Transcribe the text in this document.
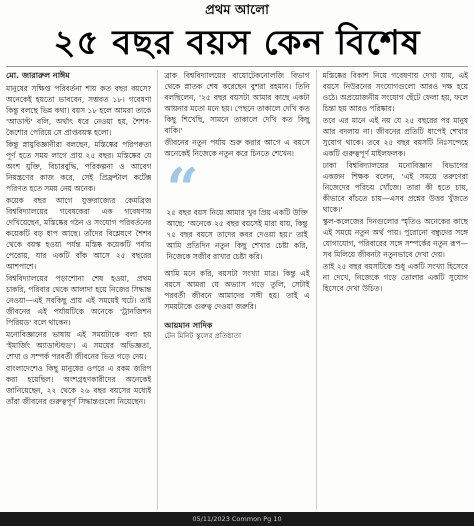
প্রথম আলো
২৫ বছর বয়স কেন বিশেষ
মো. জারারুল নাঈম

মানুষের সক্ষিপ্ত পরিবর্তনা শায় কত বছর বয়সে? অনেকেই হয়তো ভাববেন, সম্ভবত ১৮। গবেষণা কিন্তু বলছে ভিন্ন কথা। বয়স ১৮ হলে আমরা তাকে 'আডাল্ট' বলি, অর্থাৎ ধরে নেওয়া হয়, শৈশব-কৈশোর পেরিয়ে সে প্রাপ্তবয়স্ক হলো।

কিন্তু স্নায়ুবিজ্ঞানীরা বলছেন, মস্তিষ্কের পরিপক্বতা পূর্ণ হতে সময় লাগে প্রায় ২৫ বছর। মস্তিষ্কের যে অংশ যুক্তি, বিচারবুদ্ধি, পরিকল্পনা ও আবেগ নিয়ন্ত্রণের কাজ করে, সেই প্রিফ্রন্টাল কর্টেক্স পরিণত হতে সময় নেয় অনেক।

কয়েক বছর আগে যুক্তরাজ্যের কেমব্রিজ বিশ্ববিদ্যালয়ের গবেষকেরা এক গবেষণায় দেখিয়েছেন, মস্তিষ্কের গঠন ও সংযোগ পরিবর্তনের কয়েকটি বড় ধাপ আছে। তাঁদের বিশ্লেষণে শৈশব থেকে বয়স্ক হওয়া পর্যন্ত মস্তিষ্ক কয়েকটি পর্যায় পেরোয়, যার একটি বাঁক আসে ২৫ বছরের আশপাশে।

বিশ্ববিদ্যালয়ের পড়াশোনা শেষ হওয়া, প্রথম চাকরি, পরিবার থেকে আলাদা হয়ে নিজের সিদ্ধান্ত নেওয়া—এই সবকিছু প্রায় এই সময়েই ঘটে। তাই জীবনের এই পর্যায়টিকে অনেকে 'ট্রানজিশন পিরিয়ড' বলে থাকেন।

মনোবিজ্ঞানের ভাষায় এই সময়টাকে বলা হয় 'ইমার্জিং অ্যাডাল্টহুড'। এ সময়ের অভিজ্ঞতা, শেখা ও সম্পর্ক পরবর্তী জীবনের ভিত গড়ে দেয়।

বাংলাদেশেও কিছু মানুষের ওপরে এ রকম জরিপ করা হয়েছিল। অংশগ্রহণকারীদের অনেকেই জানিয়েছেন, ২২ থেকে ২৬ বছর বয়সের মধ্যেই তাঁরা জীবনের গুরুত্বপূর্ণ সিদ্ধান্তগুলো নিয়েছেন।

ব্রাক বিশ্ববিদ্যালয়ের বায়োটেকনোলজি বিভাগ থেকে স্নাতক শেষ করেছেন বুশরা রহমান। তিনি বলছিলেন, '২৫ বছর বয়সটা আমার কাছে একটা আয়নার মতো মনে হয়। পেছনে তাকালে দেখি কত কিছু শিখেছি, সামনে তাকালে দেখি কত কিছু বাকি।'

জীবনের নতুন পর্যায় শুরু করার আগে এ বয়সে অনেকেই নিজেকে নতুন করে চিনতে শেখেন।

“
২৫ বছর বয়স নিয়ে আমার খুব প্রিয় একটি উক্তি আছে: 'অনেকে ২৫ বছর বয়সেই মারা যায়, কিন্তু ৭৫ বছর বয়সে তাদের কবর দেওয়া হয়।' তাই আমি প্রতিদিন নতুন কিছু শেখার চেষ্টা করি, নিজেকে সজীব রাখার চেষ্টা করি।

আমি মনে করি, বয়সটা সংখ্যা মাত্র। কিন্তু এই বয়সে আমরা যে অভ্যাস গড়ে তুলি, সেটাই পরবর্তী জীবনে আমাদের সঙ্গী হয়। তাই এ সময়টাকে গুরুত্ব দেওয়া জরুরি।

আয়মান সাদিক
টেন মিনিট স্কুলের প্রতিষ্ঠাতা

মস্তিষ্কের বিকাশ নিয়ে গবেষণায় দেখা যায়, এই বয়সে নিউরনের সংযোগগুলো আরও দক্ষ হয়ে ওঠে। অপ্রয়োজনীয় সংযোগ ছেঁটে ফেলা হয়, ফলে চিন্তা হয় আরও পরিষ্কার।

তবে এর মানে এই নয় যে ২৫ বছরের পর মানুষ আর বদলায় না। জীবনের প্রতিটি ধাপেই শেখার সুযোগ থাকে। তবে ২৫ বছর বয়সটি নিঃসন্দেহে একটি গুরুত্বপূর্ণ মাইলফলক।

ঢাকা বিশ্ববিদ্যালয়ের মনোবিজ্ঞান বিভাগের একজন শিক্ষক বলেন, 'এই সময়ে তরুণেরা নিজেদের পরিচয় খোঁজে। তারা কী হতে চায়, কীভাবে বাঁচতে চায়—এসব প্রশ্নের উত্তর খুঁজতে থাকে।'

স্কুল-কলেজের দিনগুলোর স্মৃতিও অনেকের কাছে এই সময়ে নতুন অর্থ পায়। পুরোনো বন্ধুদের সঙ্গে যোগাযোগ, পরিবারের সঙ্গে সম্পর্কের নতুন রূপ—সব মিলিয়ে জীবনটা নতুনভাবে দেখা দেয়।

তাই ২৫ বছর বয়সটিকে শুধু একটি সংখ্যা হিসেবে না দেখে, নিজেকে গড়ে তোলার একটি সুযোগ হিসেবে দেখা উচিত।

05/11/2023 Common Pg 10
